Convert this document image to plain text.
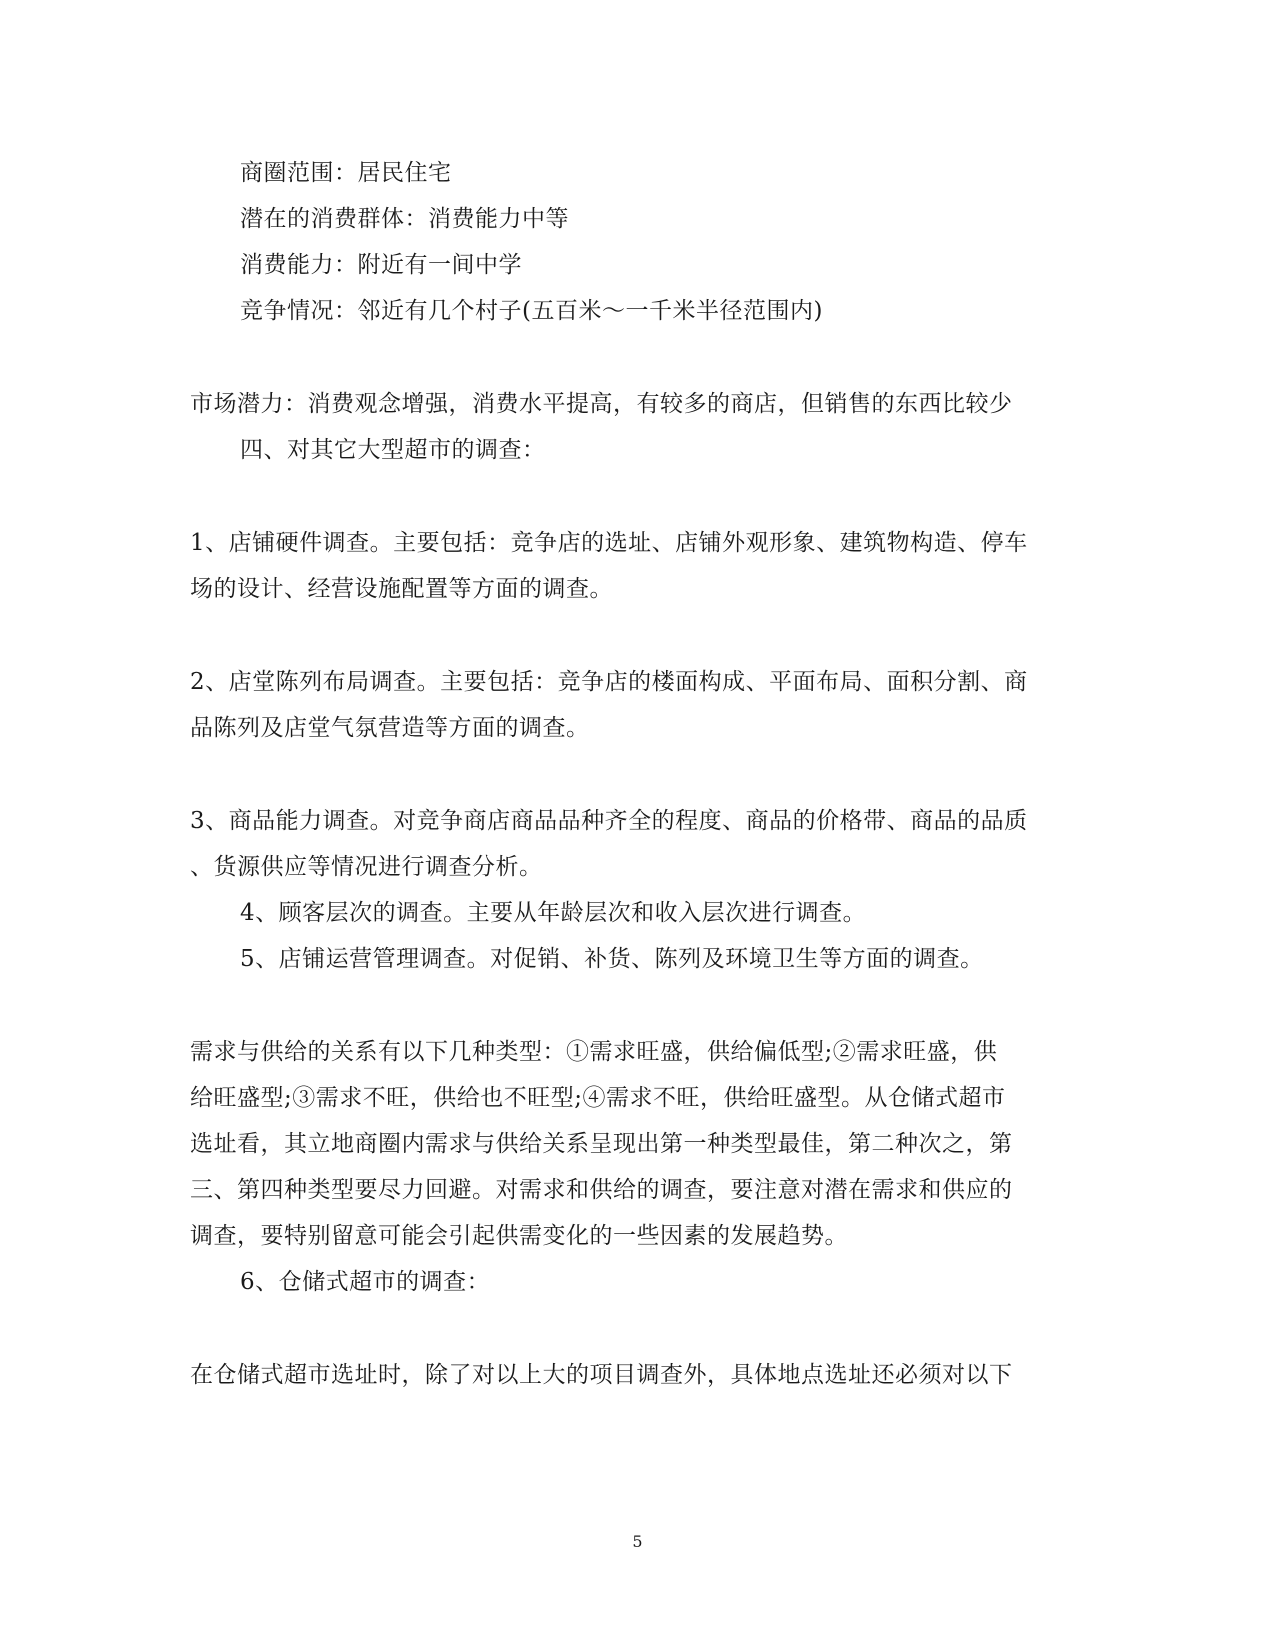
商圈范围：居民住宅
潜在的消费群体：消费能力中等
消费能力：附近有一间中学
竞争情况：邻近有几个村子(五百米～一千米半径范围内)
市场潜力：消费观念增强，消费水平提高，有较多的商店，但销售的东西比较少
四、对其它大型超市的调查：
1、店铺硬件调查。主要包括：竞争店的选址、店铺外观形象、建筑物构造、停车
场的设计、经营设施配置等方面的调查。
2、店堂陈列布局调查。主要包括：竞争店的楼面构成、平面布局、面积分割、商
品陈列及店堂气氛营造等方面的调查。
3、商品能力调查。对竞争商店商品品种齐全的程度、商品的价格带、商品的品质
、货源供应等情况进行调查分析。
4、顾客层次的调查。主要从年龄层次和收入层次进行调查。
5、店铺运营管理调查。对促销、补货、陈列及环境卫生等方面的调查。
需求与供给的关系有以下几种类型：①需求旺盛，供给偏低型;②需求旺盛，供
给旺盛型;③需求不旺，供给也不旺型;④需求不旺，供给旺盛型。从仓储式超市
选址看，其立地商圈内需求与供给关系呈现出第一种类型最佳，第二种次之，第
三、第四种类型要尽力回避。对需求和供给的调查，要注意对潜在需求和供应的
调查，要特别留意可能会引起供需变化的一些因素的发展趋势。
6、仓储式超市的调查：
在仓储式超市选址时，除了对以上大的项目调查外，具体地点选址还必须对以下
5
